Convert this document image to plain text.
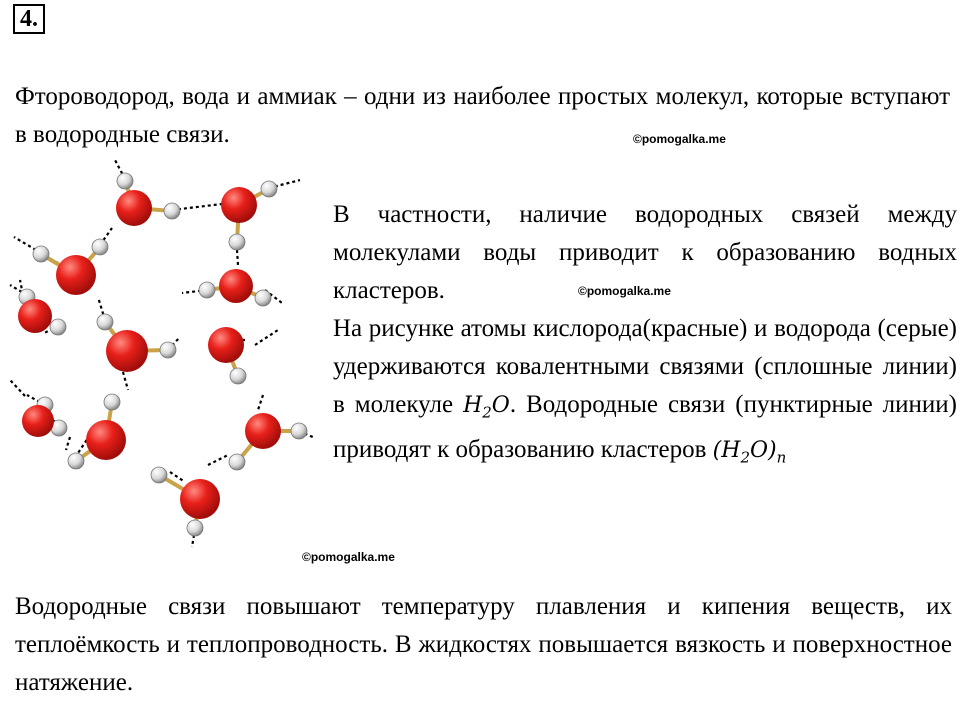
4.

Фтороводород, вода и аммиак – одни из наиболее простых молекул, которые вступают в водородные связи.	©pomogalka.me

В частности, наличие водородных связей между молекулами воды приводит к образованию водных кластеров.

На рисунке атомы кислорода(красные) и водорода (серые) удерживаются ковалентными связями (сплошные линии) в молекуле $H_2O$. Водородные связи (пунктирные линии) приводят к образованию кластеров $(H_2O)_n$

©pomogalka.me
©pomogalka.me

Водородные связи повышают температуру плавления и кипения веществ, их теплоёмкость и теплопроводность. В жидкостях повышается вязкость и поверхностное натяжение.
